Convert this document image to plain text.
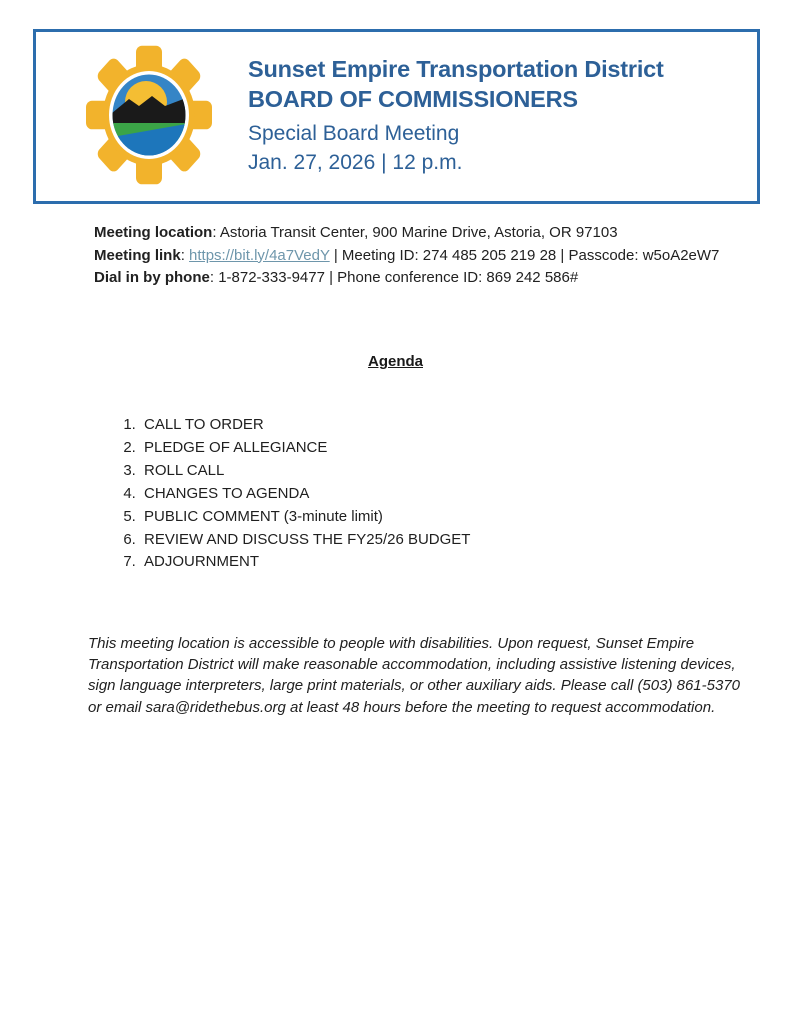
Sunset Empire Transportation District
BOARD OF COMMISSIONERS
Special Board Meeting
Jan. 27, 2026 | 12 p.m.
Meeting location: Astoria Transit Center, 900 Marine Drive, Astoria, OR 97103
Meeting link: https://bit.ly/4a7VedY | Meeting ID: 274 485 205 219 28 | Passcode: w5oA2eW7
Dial in by phone: 1-872-333-9477 | Phone conference ID: 869 242 586#
Agenda
1. CALL TO ORDER
2. PLEDGE OF ALLEGIANCE
3. ROLL CALL
4. CHANGES TO AGENDA
5. PUBLIC COMMENT (3-minute limit)
6. REVIEW AND DISCUSS THE FY25/26 BUDGET
7. ADJOURNMENT
This meeting location is accessible to people with disabilities. Upon request, Sunset Empire Transportation District will make reasonable accommodation, including assistive listening devices, sign language interpreters, large print materials, or other auxiliary aids. Please call (503) 861-5370 or email sara@ridethebus.org at least 48 hours before the meeting to request accommodation.
